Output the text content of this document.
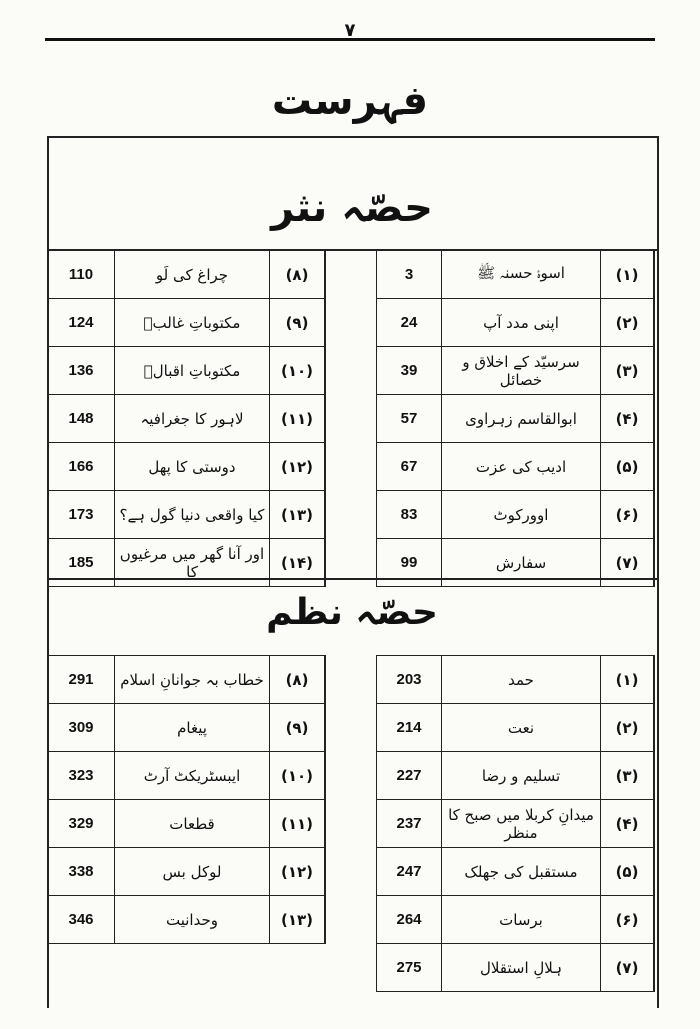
۷
فہرست
حصّہ نثر
110	چراغ کی لَو	(۸)
124	مکتوباتِ غالبؔ	(۹)
136	مکتوباتِ اقبالؔ	(۱۰)
148	لاہور کا جغرافیہ	(۱۱)
166	دوستی کا پھل	(۱۲)
173	کیا واقعی دنیا گول ہے؟	(۱۳)
185	اور آنا گھر میں مرغیوں کا	(۱۴)
3	اسوۂ حسنہ ﷺ	(۱)
24	اپنی مدد آپ	(۲)
39	سرسیّد کے اخلاق و خصائل	(۳)
57	ابوالقاسم زہراوی	(۴)
67	ادیب کی عزت	(۵)
83	اوورکوٹ	(۶)
99	سفارش	(۷)
حصّہ نظم
291	خطاب بہ جوانانِ اسلام	(۸)
309	پیغام	(۹)
323	ایبسٹریکٹ آرٹ	(۱۰)
329	قطعات	(۱۱)
338	لوکل بس	(۱۲)
346	وحدانیت	(۱۳)
203	حمد	(۱)
214	نعت	(۲)
227	تسلیم و رضا	(۳)
237	میدانِ کربلا میں صبح کا منظر	(۴)
247	مستقبل کی جھلک	(۵)
264	برسات	(۶)
275	ہلالِ استقلال	(۷)
